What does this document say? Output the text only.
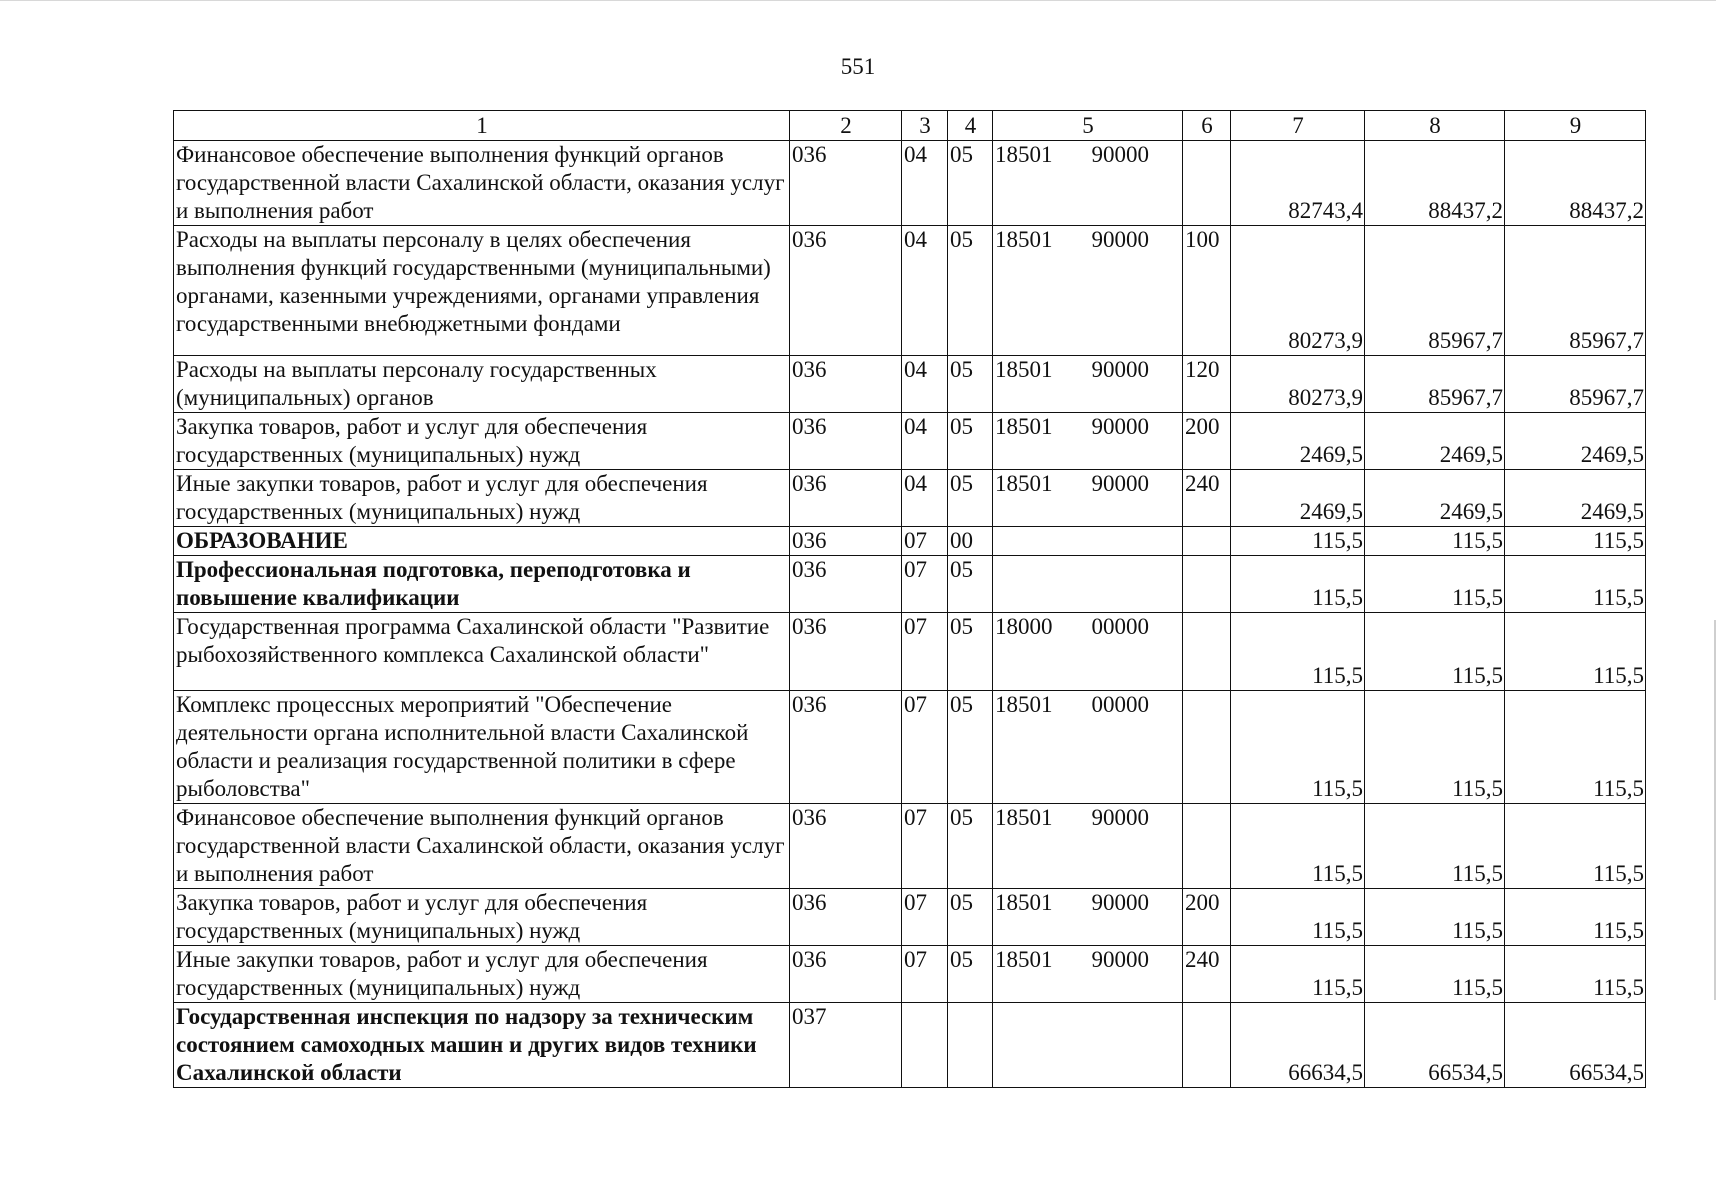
551
1	2	3	4	5	6	7	8	9
Финансовое обеспечение выполнения функций органов государственной власти Сахалинской области, оказания услуг и выполнения работ	036	04	05	18501 90000		82743,4	88437,2	88437,2
Расходы на выплаты персоналу в целях обеспечения выполнения функций государственными (муниципальными) органами, казенными учреждениями, органами управления государственными внебюджетными фондами	036	04	05	18501 90000	100	80273,9	85967,7	85967,7
Расходы на выплаты персоналу государственных (муниципальных) органов	036	04	05	18501 90000	120	80273,9	85967,7	85967,7
Закупка товаров, работ и услуг для обеспечения государственных (муниципальных) нужд	036	04	05	18501 90000	200	2469,5	2469,5	2469,5
Иные закупки товаров, работ и услуг для обеспечения государственных (муниципальных) нужд	036	04	05	18501 90000	240	2469,5	2469,5	2469,5
ОБРАЗОВАНИЕ	036	07	00			115,5	115,5	115,5
Профессиональная подготовка, переподготовка и повышение квалификации	036	07	05			115,5	115,5	115,5
Государственная программа Сахалинской области "Развитие рыбохозяйственного комплекса Сахалинской области"	036	07	05	18000 00000		115,5	115,5	115,5
Комплекс процессных мероприятий "Обеспечение деятельности органа исполнительной власти Сахалинской области и реализация государственной политики в сфере рыболовства"	036	07	05	18501 00000		115,5	115,5	115,5
Финансовое обеспечение выполнения функций органов государственной власти Сахалинской области, оказания услуг и выполнения работ	036	07	05	18501 90000		115,5	115,5	115,5
Закупка товаров, работ и услуг для обеспечения государственных (муниципальных) нужд	036	07	05	18501 90000	200	115,5	115,5	115,5
Иные закупки товаров, работ и услуг для обеспечения государственных (муниципальных) нужд	036	07	05	18501 90000	240	115,5	115,5	115,5
Государственная инспекция по надзору за техническим состоянием самоходных машин и других видов техники Сахалинской области	037					66634,5	66534,5	66534,5
